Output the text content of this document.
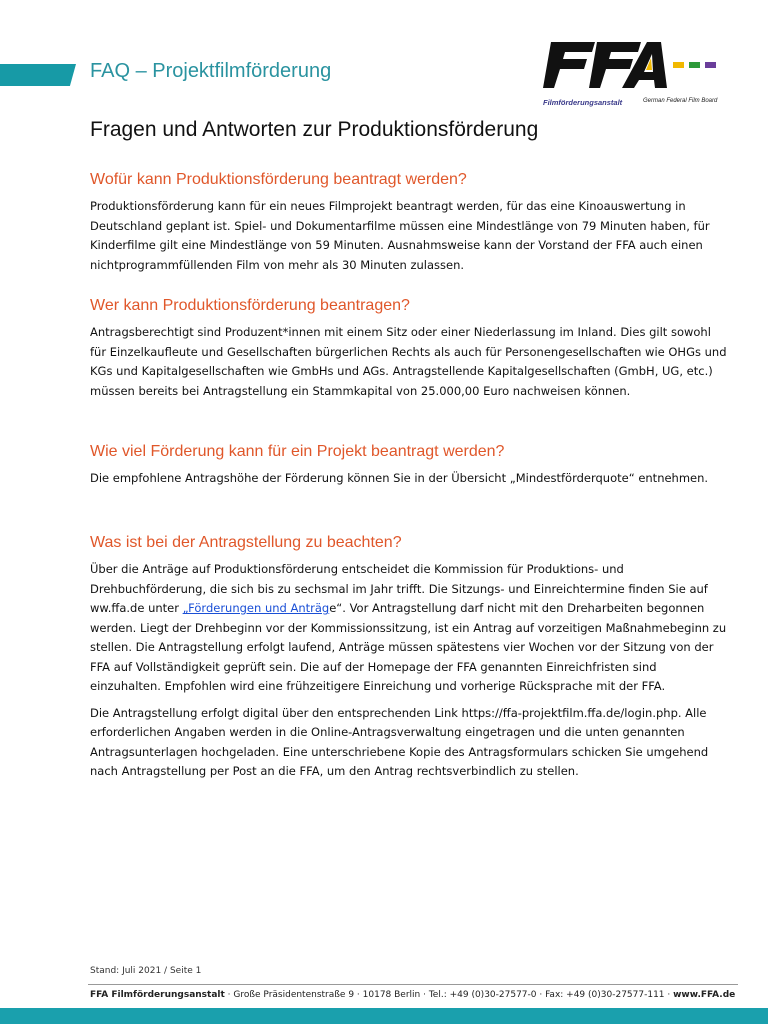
FAQ – Projektfilmförderung
Filmförderungsanstalt	German Federal Film Board
Fragen und Antworten zur Produktionsförderung
Wofür kann Produktionsförderung beantragt werden?

Produktionsförderung kann für ein neues Filmprojekt beantragt werden, für das eine Kinoauswertung in Deutschland geplant ist. Spiel- und Dokumentarfilme müssen eine Mindestlänge von 79 Minuten haben, für Kinderfilme gilt eine Mindestlänge von 59 Minuten. Ausnahmsweise kann der Vorstand der FFA auch einen nichtprogrammfüllenden Film von mehr als 30 Minuten zulassen.

Wer kann Produktionsförderung beantragen?

Antragsberechtigt sind Produzent*innen mit einem Sitz oder einer Niederlassung im Inland. Dies gilt sowohl für Einzelkaufleute und Gesellschaften bürgerlichen Rechts als auch für Personengesellschaften wie OHGs und KGs und Kapitalgesellschaften wie GmbHs und AGs. Antragstellende Kapitalgesellschaften (GmbH, UG, etc.) müssen bereits bei Antragstellung ein Stammkapital von 25.000,00 Euro nachweisen können.

Wie viel Förderung kann für ein Projekt beantragt werden?

Die empfohlene Antragshöhe der Förderung können Sie in der Übersicht „Mindestförderquote“ entnehmen.

Was ist bei der Antragstellung zu beachten?

Über die Anträge auf Produktionsförderung entscheidet die Kommission für Produktions- und Drehbuchförderung, die sich bis zu sechsmal im Jahr trifft. Die Sitzungs- und Einreichtermine finden Sie auf ww.ffa.de unter „Förderungen und Anträge“. Vor Antragstellung darf nicht mit den Dreharbeiten begonnen werden. Liegt der Drehbeginn vor der Kommissionssitzung, ist ein Antrag auf vorzeitigen Maßnahmebeginn zu stellen. Die Antragstellung erfolgt laufend, Anträge müssen spätestens vier Wochen vor der Sitzung von der FFA auf Vollständigkeit geprüft sein. Die auf der Homepage der FFA genannten Einreichfristen sind einzuhalten. Empfohlen wird eine frühzeitigere Einreichung und vorherige Rücksprache mit der FFA.

Die Antragstellung erfolgt digital über den entsprechenden Link https://ffa-projektfilm.ffa.de/login.php. Alle erforderlichen Angaben werden in die Online-Antragsverwaltung eingetragen und die unten genannten Antragsunterlagen hochgeladen. Eine unterschriebene Kopie des Antragsformulars schicken Sie umgehend nach Antragstellung per Post an die FFA, um den Antrag rechtsverbindlich zu stellen.

Stand: Juli 2021 / Seite 1
FFA Filmförderungsanstalt · Große Präsidentenstraße 9 · 10178 Berlin · Tel.: +49 (0)30-27577-0 · Fax: +49 (0)30-27577-111 · www.FFA.de
